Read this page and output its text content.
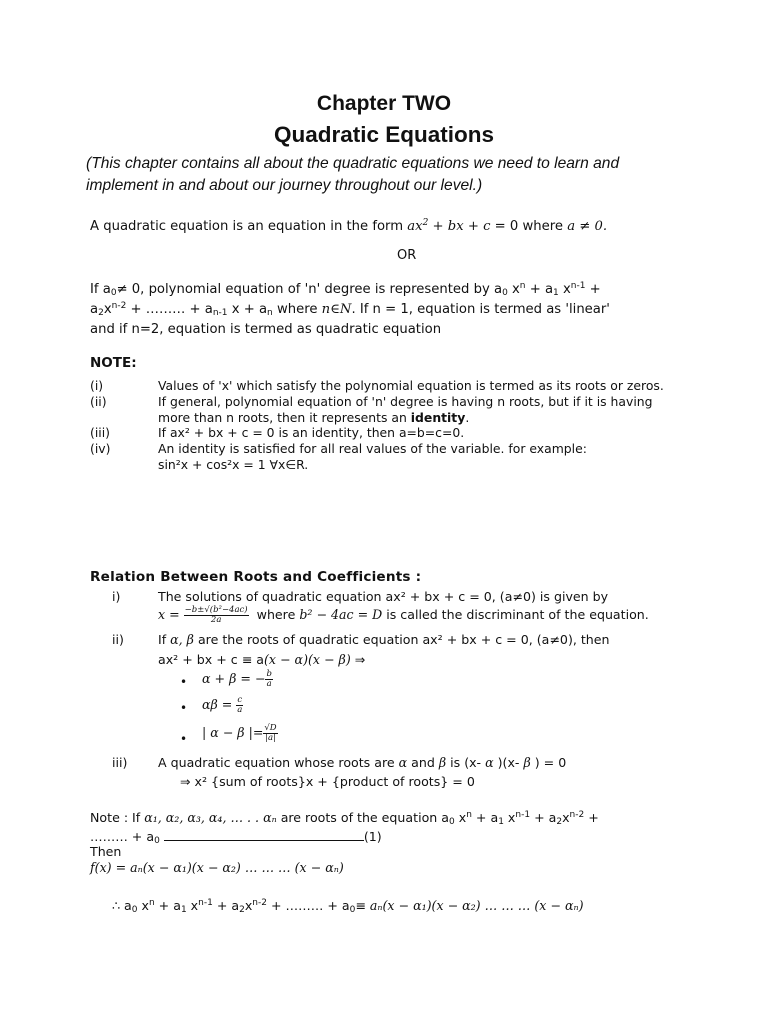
Chapter TWO
Quadratic Equations
(This chapter contains all about the quadratic equations we need to learn and
implement in and about our journey throughout our level.)
A quadratic equation is an equation in the form $ax^2$ + bx + c = 0 where a ≠ 0.
OR
If $a_0\ne 0$, polynomial equation of 'n' degree is represented by $a_0$ $x^n + a_1$ $x^{n-1}$ +
$a_2x^{n-2}$ + ……… + $a_{n-1}$ $x + a_n$ where n∈N. If n = 1, equation is termed as 'linear'
and if n=2, equation is termed as quadratic equation
NOTE:
(i)	Values of 'x' which satisfy the polynomial equation is termed as its roots or zeros.
(ii)	If general, polynomial equation of 'n' degree is having n roots, but if it is having
more than n roots, then it represents an identity.
(iii)	If ax² + bx + c = 0 is an identity, then a=b=c=0.
(iv)	An identity is satisfied for all real values of the variable. for example:
sin²x + cos²x = 1 ∀x∈R.
Relation Between Roots and Coefficients :
i)	The solutions of quadratic equation ax² + bx + c = 0, (a≠0) is given by
$x = \frac{\text{−b±√(b²−4ac)}}{2a}$ where b² − 4ac = D is called the discriminant of the equation.
ii)	If α, β are the roots of quadratic equation ax² + bx + c = 0, (a≠0), then
ax² + bx + c ≡ a(x − α)(x − β) ⇒
• α + β = − $\frac{b}{a}$
• $\alpha\beta = \frac{c}{a}$
• | α − β |= $\frac{√D}{|a|}$
iii) A quadratic equation whose roots are α and β is (x- α )(x- β ) = 0
⇒ x² {sum of roots}x + {product of roots} = 0
Note : If α₁, α₂, α₃, α₄, … . . αₙ are roots of the equation $a_0$ $x^n + a_1$ $x^{n-1} + a_2x^{n-2}$ +
……… + $a_0$	(1)
Then
f(x) = aₙ(x − α₁)(x − α₂) … … … (x − αₙ)
∴ $a_0$ $x^n + a_1$ $x^{n-1} + a_2x^{n-2}$ + ……… + $a_0\equiv a_n(x - \alpha_1)(x - \alpha_2)$ … … … (x − αₙ)
